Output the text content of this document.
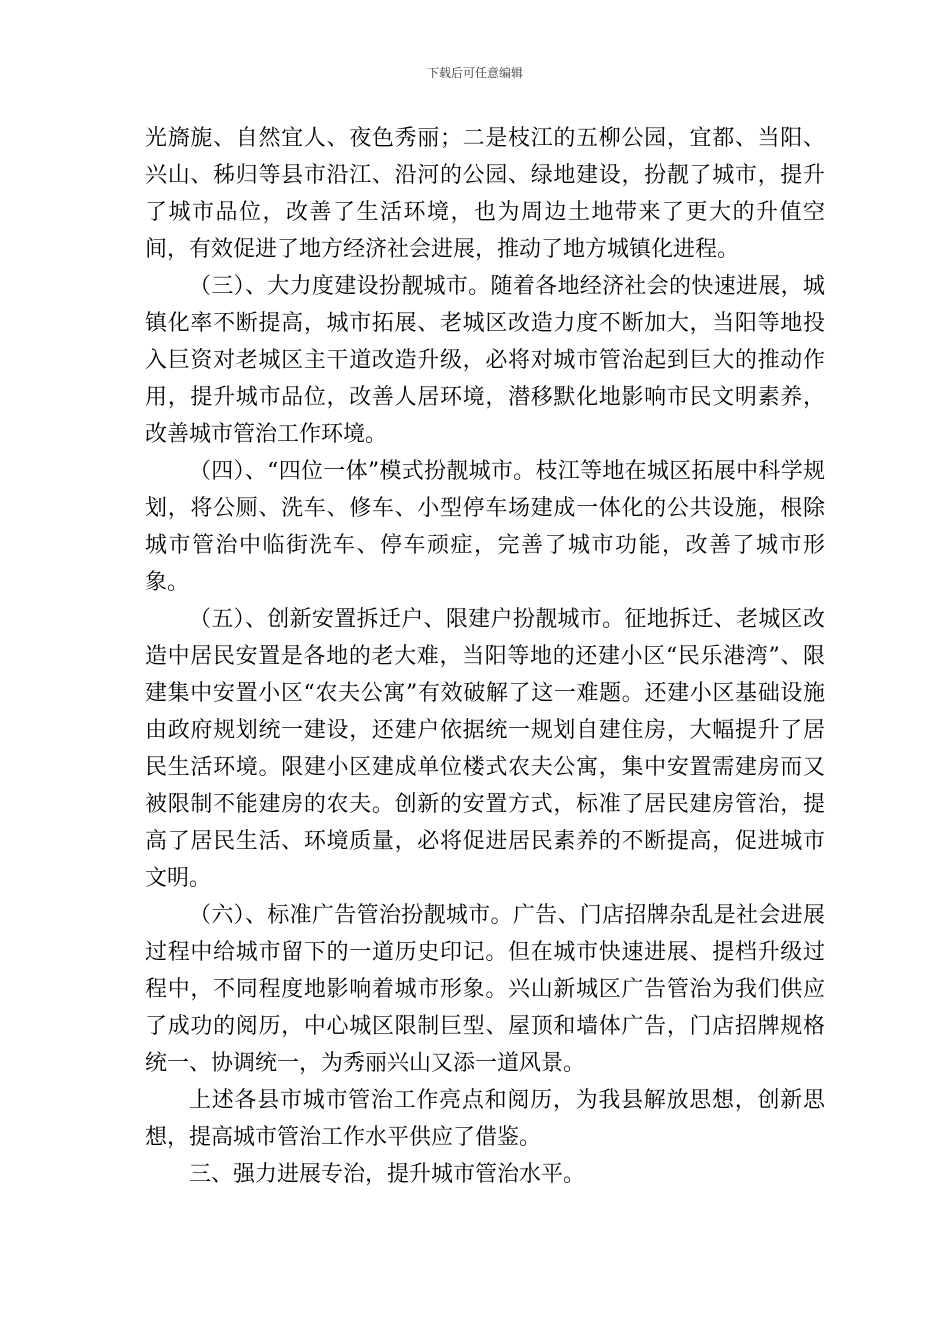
下载后可任意编辑

光旖旎、自然宜人、夜色秀丽；二是枝江的五柳公园，宜都、当阳、兴山、秭归等县市沿江、沿河的公园、绿地建设，扮靓了城市，提升了城市品位，改善了生活环境，也为周边土地带来了更大的升值空间，有效促进了地方经济社会进展，推动了地方城镇化进程。

（三）、大力度建设扮靓城市。随着各地经济社会的快速进展，城镇化率不断提高，城市拓展、老城区改造力度不断加大，当阳等地投入巨资对老城区主干道改造升级，必将对城市管治起到巨大的推动作用，提升城市品位，改善人居环境，潜移默化地影响市民文明素养，改善城市管治工作环境。

（四）、“四位一体”模式扮靓城市。枝江等地在城区拓展中科学规划，将公厕、洗车、修车、小型停车场建成一体化的公共设施，根除城市管治中临街洗车、停车顽症，完善了城市功能，改善了城市形象。

（五）、创新安置拆迁户、限建户扮靓城市。征地拆迁、老城区改造中居民安置是各地的老大难，当阳等地的还建小区“民乐港湾”、限建集中安置小区“农夫公寓”有效破解了这一难题。还建小区基础设施由政府规划统一建设，还建户依据统一规划自建住房，大幅提升了居民生活环境。限建小区建成单位楼式农夫公寓，集中安置需建房而又被限制不能建房的农夫。创新的安置方式，标准了居民建房管治，提高了居民生活、环境质量，必将促进居民素养的不断提高，促进城市文明。

（六）、标准广告管治扮靓城市。广告、门店招牌杂乱是社会进展过程中给城市留下的一道历史印记。但在城市快速进展、提档升级过程中，不同程度地影响着城市形象。兴山新城区广告管治为我们供应了成功的阅历，中心城区限制巨型、屋顶和墙体广告，门店招牌规格统一、协调统一，为秀丽兴山又添一道风景。

上述各县市城市管治工作亮点和阅历，为我县解放思想，创新思想，提高城市管治工作水平供应了借鉴。

三、强力进展专治，提升城市管治水平。
